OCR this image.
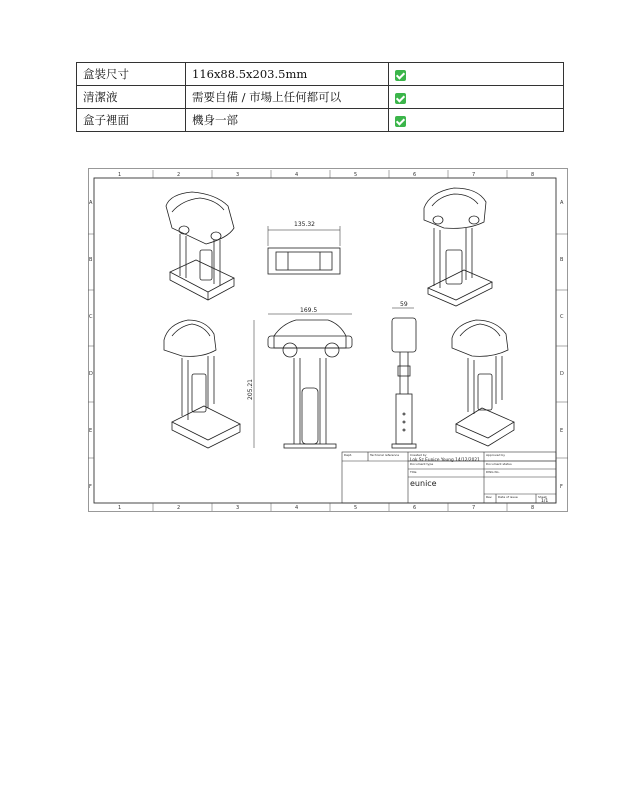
盒裝尺寸	116x88.5x203.5mm	
清潔液	需要自備 / 市場上任何都可以	
盒子裡面	機身一部	
1	2	3	4	5	6	7	8
1	2	3	4	5	6	7	8
A
B
C
D
E
F
A
B
C
D
E
F
135.32
59
169.5
205.21
Dept.	Technical reference	Created by	Approved by
Document type	Document status
Title	DWG No.
Rev. Date of issue	Sheet
Lok Sz Eunice Young 14/12/2021
eunice
1/1
